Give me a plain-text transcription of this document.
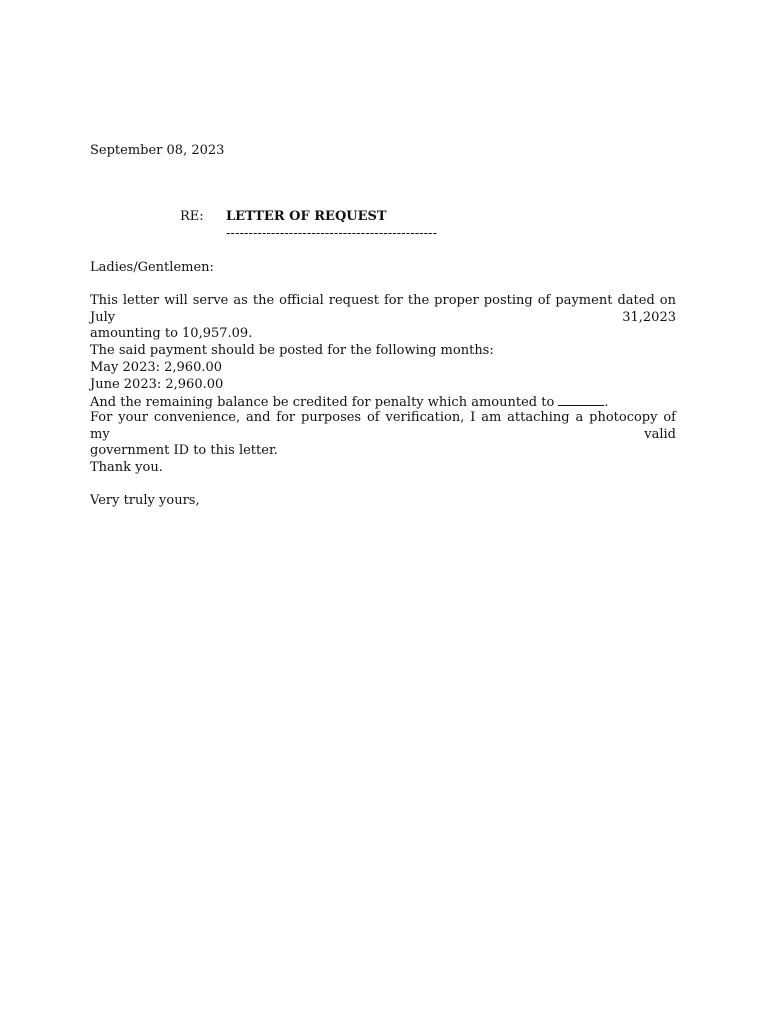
September 08, 2023
RE: LETTER OF REQUEST
-----------------------------------------------
Ladies/Gentlemen:
This letter will serve as the official request for the proper posting of payment dated on July 31,2023
amounting to 10,957.09.
The said payment should be posted for the following months:
May 2023: 2,960.00
June 2023: 2,960.00
And the remaining balance be credited for penalty which amounted to	.
For your convenience, and for purposes of verification, I am attaching a photocopy of my valid
government ID to this letter.
Thank you.
Very truly yours,
